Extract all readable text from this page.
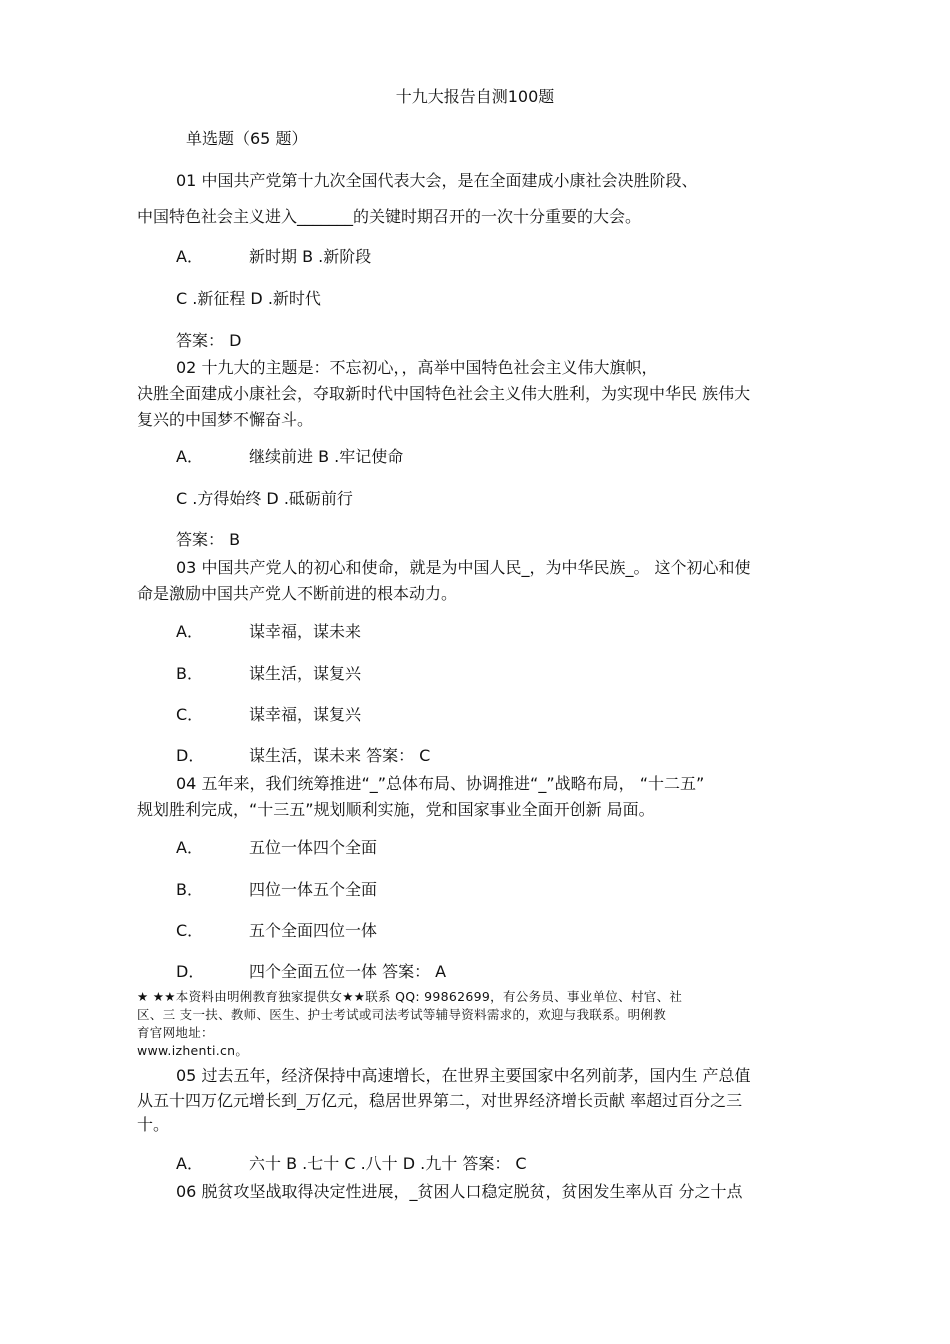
十九大报告自测100题
单选题（65 题）
01 中国共产党第十九次全国代表大会，是在全面建成小康社会决胜阶段、
中国特色社会主义进入_______的关键时期召开的一次十分重要的大会。
A．	新时期 B .新阶段
C .新征程 D .新时代
答案： D
02 十九大的主题是：不忘初心，，高举中国特色社会主义伟大旗帜，
决胜全面建成小康社会，夺取新时代中国特色社会主义伟大胜利，为实现中华民 族伟大
复兴的中国梦不懈奋斗。
A．	继续前进 B .牢记使命
C .方得始终 D .砥砺前行
答案： B
03 中国共产党人的初心和使命，就是为中国人民_，为中华民族_。 这个初心和使
命是激励中国共产党人不断前进的根本动力。
A．	谋幸福，谋未来
B．	谋生活，谋复兴
C．	谋幸福，谋复兴
D．	谋生活，谋未来 答案： C
04 五年来，我们统筹推进“_”总体布局、协调推进“_”战略布局， “十二五”
规划胜利完成，“十三五”规划顺利实施，党和国家事业全面开创新 局面。
A．	五位一体四个全面
B．	四位一体五个全面
C．	五个全面四位一体
D．	四个全面五位一体 答案： A
★ ★★本资料由明俐教育独家提供女★★联系 QQ: 99862699，有公务员、事业单位、村官、社
区、三 支一扶、教师、医生、护士考试或司法考试等辅导资料需求的，欢迎与我联系。明俐教
育官网地址：
www.izhenti.cn。
05 过去五年，经济保持中高速增长，在世界主要国家中名列前茅，国内生 产总值
从五十四万亿元增长到_万亿元，稳居世界第二，对世界经济增长贡献 率超过百分之三
十。
A．	六十 B .七十 C .八十 D .九十 答案： C
06 脱贫攻坚战取得决定性进展，_贫困人口稳定脱贫，贫困发生率从百 分之十点
